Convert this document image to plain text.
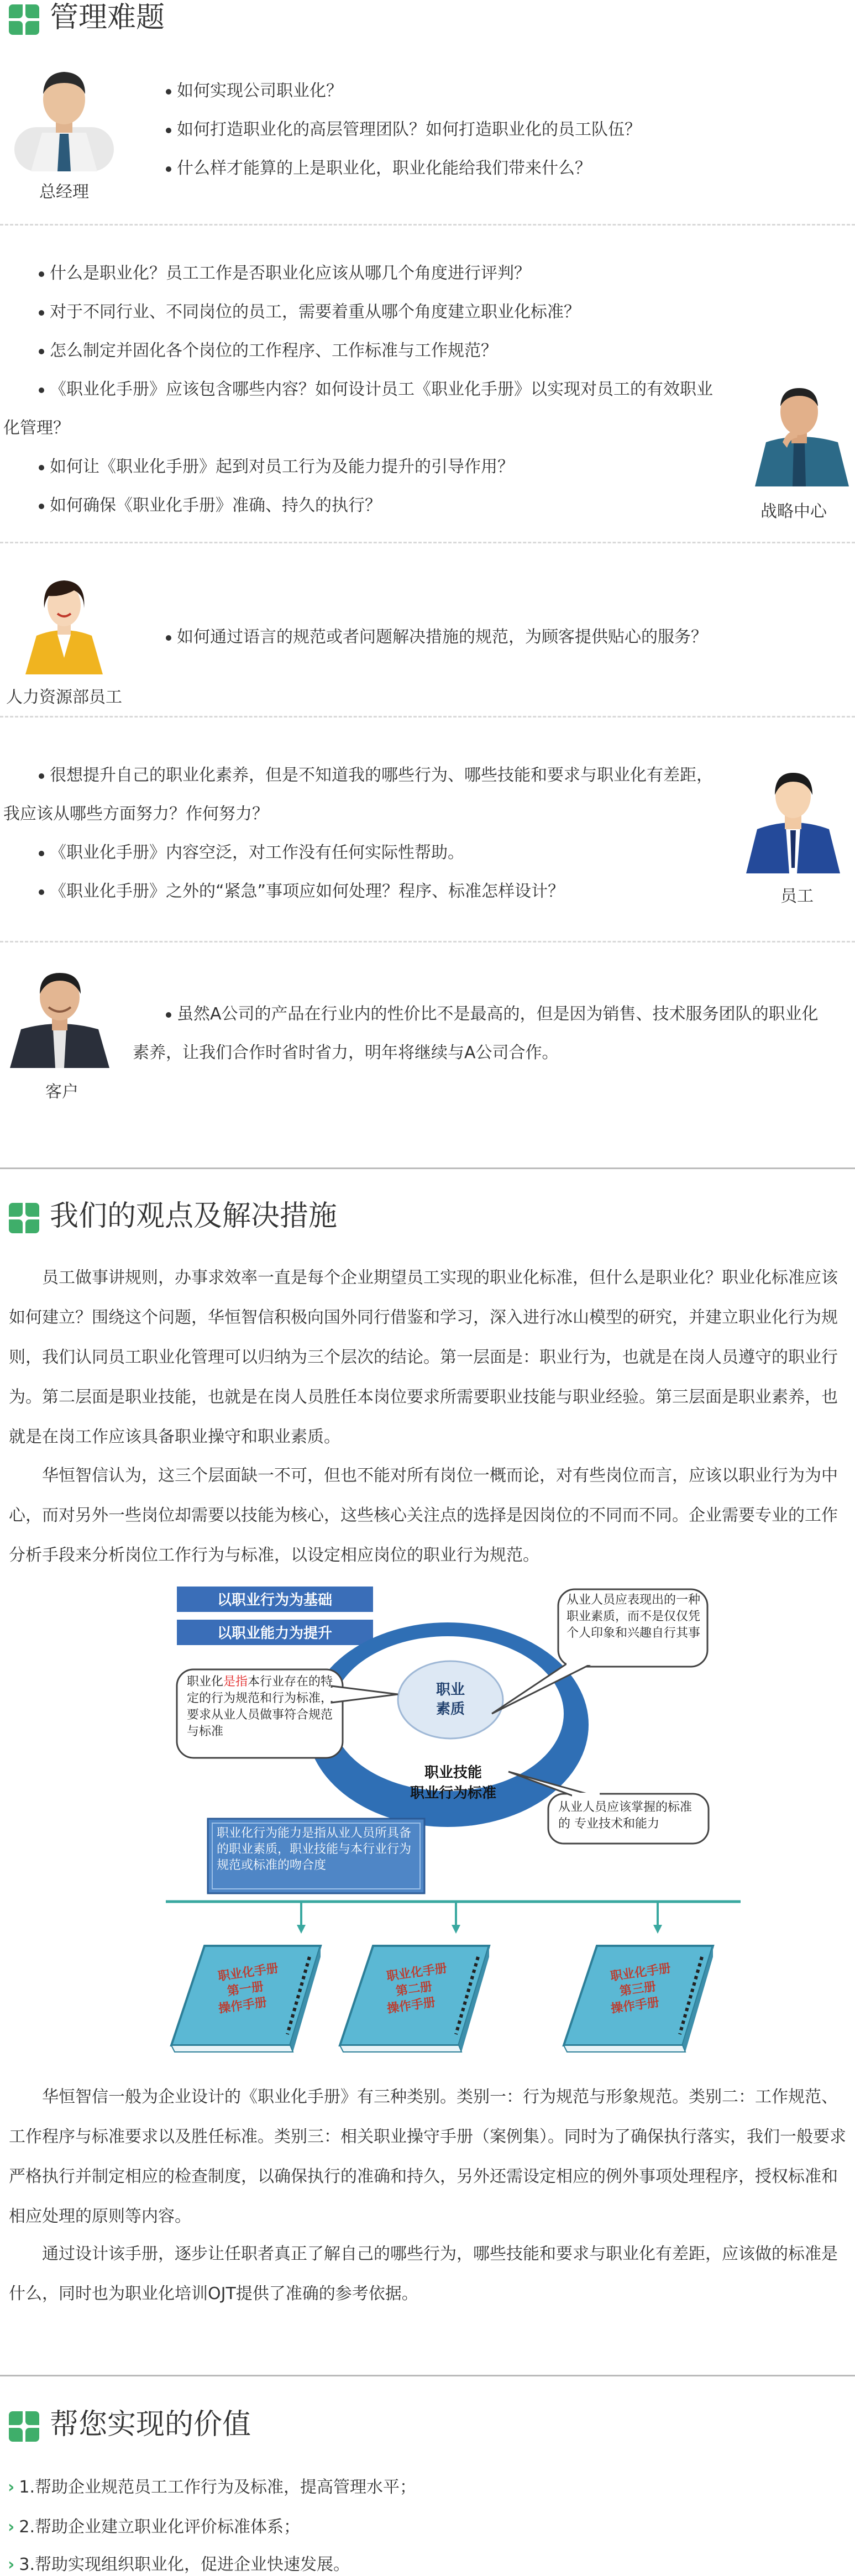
管理难题
总经理
如何实现公司职业化？
如何打造职业化的高层管理团队？如何打造职业化的员工队伍？
什么样才能算的上是职业化，职业化能给我们带来什么？
什么是职业化？员工工作是否职业化应该从哪几个角度进行评判？
对于不同行业、不同岗位的员工，需要着重从哪个角度建立职业化标准？
怎么制定并固化各个岗位的工作程序、工作标准与工作规范？
《职业化手册》应该包含哪些内容？如何设计员工《职业化手册》以实现对员工的有效职业
化管理？
如何让《职业化手册》起到对员工行为及能力提升的引导作用？
如何确保《职业化手册》准确、持久的执行？	战略中心
人力资源部员工
如何通过语言的规范或者问题解决措施的规范，为顾客提供贴心的服务？
很想提升自己的职业化素养，但是不知道我的哪些行为、哪些技能和要求与职业化有差距，
我应该从哪些方面努力？作何努力？
《职业化手册》内容空泛，对工作没有任何实际性帮助。
《职业化手册》之外的“紧急”事项应如何处理？程序、标准怎样设计？	员工
客户
虽然A公司的产品在行业内的性价比不是最高的，但是因为销售、技术服务团队的职业化
素养，让我们合作时省时省力，明年将继续与A公司合作。
我们的观点及解决措施

员工做事讲规则，办事求效率一直是每个企业期望员工实现的职业化标准，但什么是职业化？职业化标准应该如何建立？围绕这个问题，华恒智信积极向国外同行借鉴和学习，深入进行冰山模型的研究，并建立职业化行为规则，我们认同员工职业化管理可以归纳为三个层次的结论。第一层面是：职业行为，也就是在岗人员遵守的职业行为。第二层面是职业技能，也就是在岗人员胜任本岗位要求所需要职业技能与职业经验。第三层面是职业素养，也就是在岗工作应该具备职业操守和职业素质。

华恒智信认为，这三个层面缺一不可，但也不能对所有岗位一概而论，对有些岗位而言，应该以职业行为为中心，而对另外一些岗位却需要以技能为核心，这些核心关注点的选择是因岗位的不同而不同。企业需要专业的工作分析手段来分析岗位工作行为与标准，以设定相应岗位的职业行为规范。

以职业行为为基础
以职业能力为提升
职业
素质
职业技能
职业行为标准
从业人员应表现出的一种职业素质，而不是仅仅凭个人印象和兴趣自行其事
职业化是指本行业存在的特定的行为规范和行为标准，要求从业人员做事符合规范与标准
从业人员应该掌握的标准的 专业技术和能力
职业化行为能力是指从业人员所具备的职业素质，职业技能与本行业行为规范或标准的吻合度
职业化手册
第一册
操作手册
职业化手册
第二册
操作手册
职业化手册
第三册
操作手册

华恒智信一般为企业设计的《职业化手册》有三种类别。类别一：行为规范与形象规范。类别二：工作规范、工作程序与标准要求以及胜任标准。类别三：相关职业操守手册（案例集）。同时为了确保执行落实，我们一般要求严格执行并制定相应的检查制度，以确保执行的准确和持久，另外还需设定相应的例外事项处理程序，授权标准和相应处理的原则等内容。

通过设计该手册，逐步让任职者真正了解自己的哪些行为，哪些技能和要求与职业化有差距，应该做的标准是什么，同时也为职业化培训OJT提供了准确的参考依据。

帮您实现的价值
› 1.帮助企业规范员工工作行为及标准，提高管理水平；
› 2.帮助企业建立职业化评价标准体系；
› 3.帮助实现组织职业化，促进企业快速发展。
